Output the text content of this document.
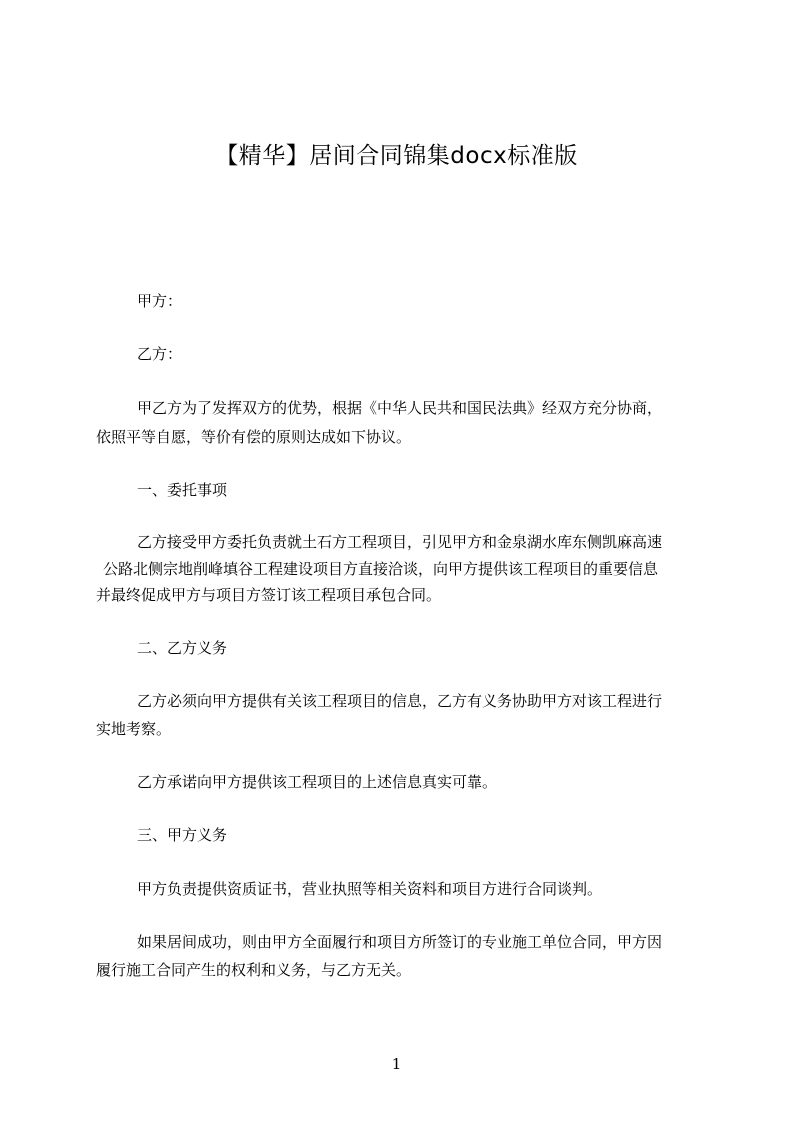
【精华】居间合同锦集docx标准版
甲方：
乙方：
甲乙方为了发挥双方的优势，根据《中华人民共和国民法典》经双方充分协商，
依照平等自愿，等价有偿的原则达成如下协议。
一、委托事项
乙方接受甲方委托负责就土石方工程项目，引见甲方和金泉湖水库东侧凯麻高速
公路北侧宗地削峰填谷工程建设项目方直接洽谈，向甲方提供该工程项目的重要信息
并最终促成甲方与项目方签订该工程项目承包合同。
二、乙方义务
乙方必须向甲方提供有关该工程项目的信息，乙方有义务协助甲方对该工程进行
实地考察。
乙方承诺向甲方提供该工程项目的上述信息真实可靠。
三、甲方义务
甲方负责提供资质证书，营业执照等相关资料和项目方进行合同谈判。
如果居间成功，则由甲方全面履行和项目方所签订的专业施工单位合同，甲方因
履行施工合同产生的权利和义务，与乙方无关。
1
